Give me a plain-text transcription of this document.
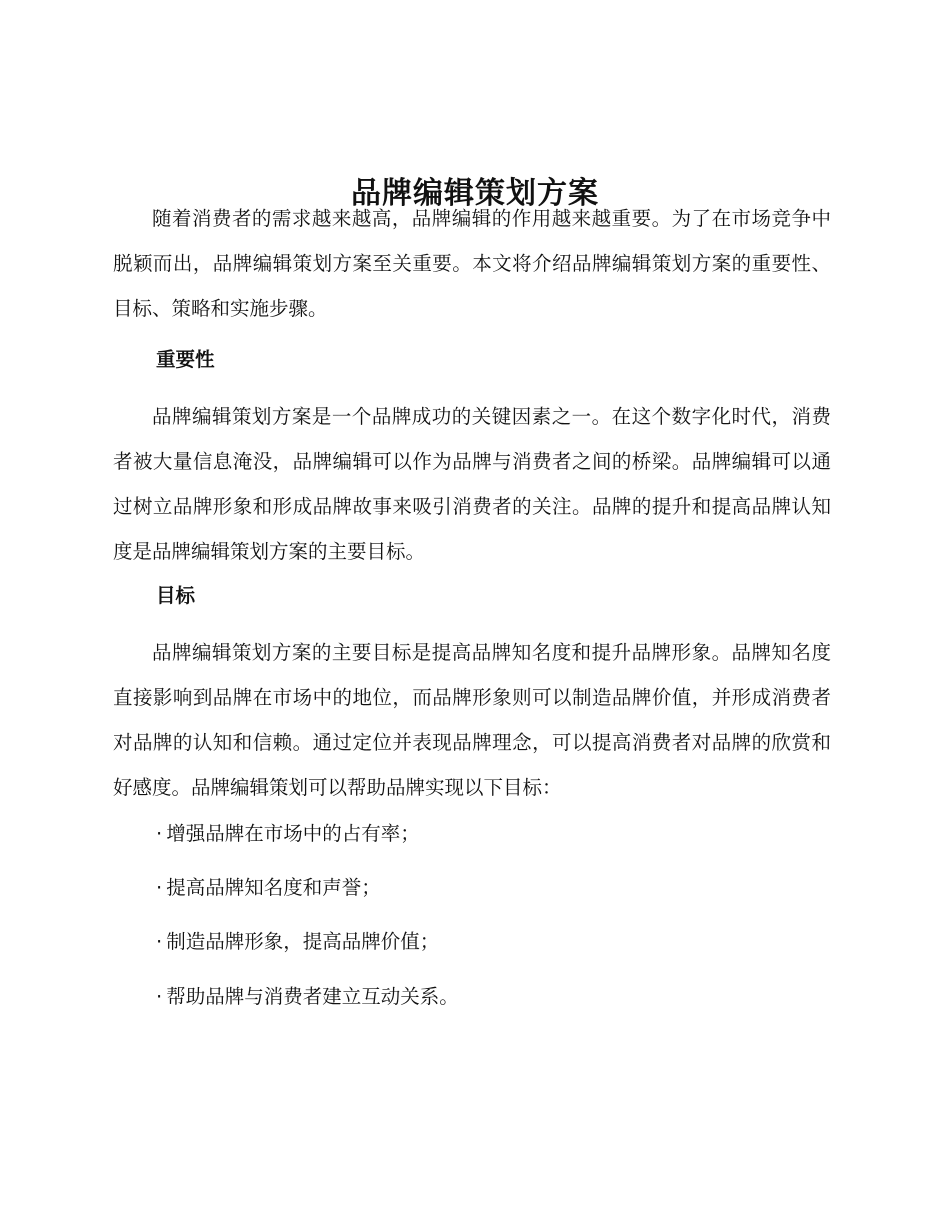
品牌编辑策划方案

随着消费者的需求越来越高，品牌编辑的作用越来越重要。为了在市场竞争中脱颖而出，品牌编辑策划方案至关重要。本文将介绍品牌编辑策划方案的重要性、目标、策略和实施步骤。

重要性

品牌编辑策划方案是一个品牌成功的关键因素之一。在这个数字化时代，消费者被大量信息淹没，品牌编辑可以作为品牌与消费者之间的桥梁。品牌编辑可以通过树立品牌形象和形成品牌故事来吸引消费者的关注。品牌的提升和提高品牌认知度是品牌编辑策划方案的主要目标。

目标

品牌编辑策划方案的主要目标是提高品牌知名度和提升品牌形象。品牌知名度直接影响到品牌在市场中的地位，而品牌形象则可以制造品牌价值，并形成消费者对品牌的认知和信赖。通过定位并表现品牌理念，可以提高消费者对品牌的欣赏和好感度。品牌编辑策划可以帮助品牌实现以下目标：

· 增强品牌在市场中的占有率；
· 提高品牌知名度和声誉；
· 制造品牌形象，提高品牌价值；
· 帮助品牌与消费者建立互动关系。
